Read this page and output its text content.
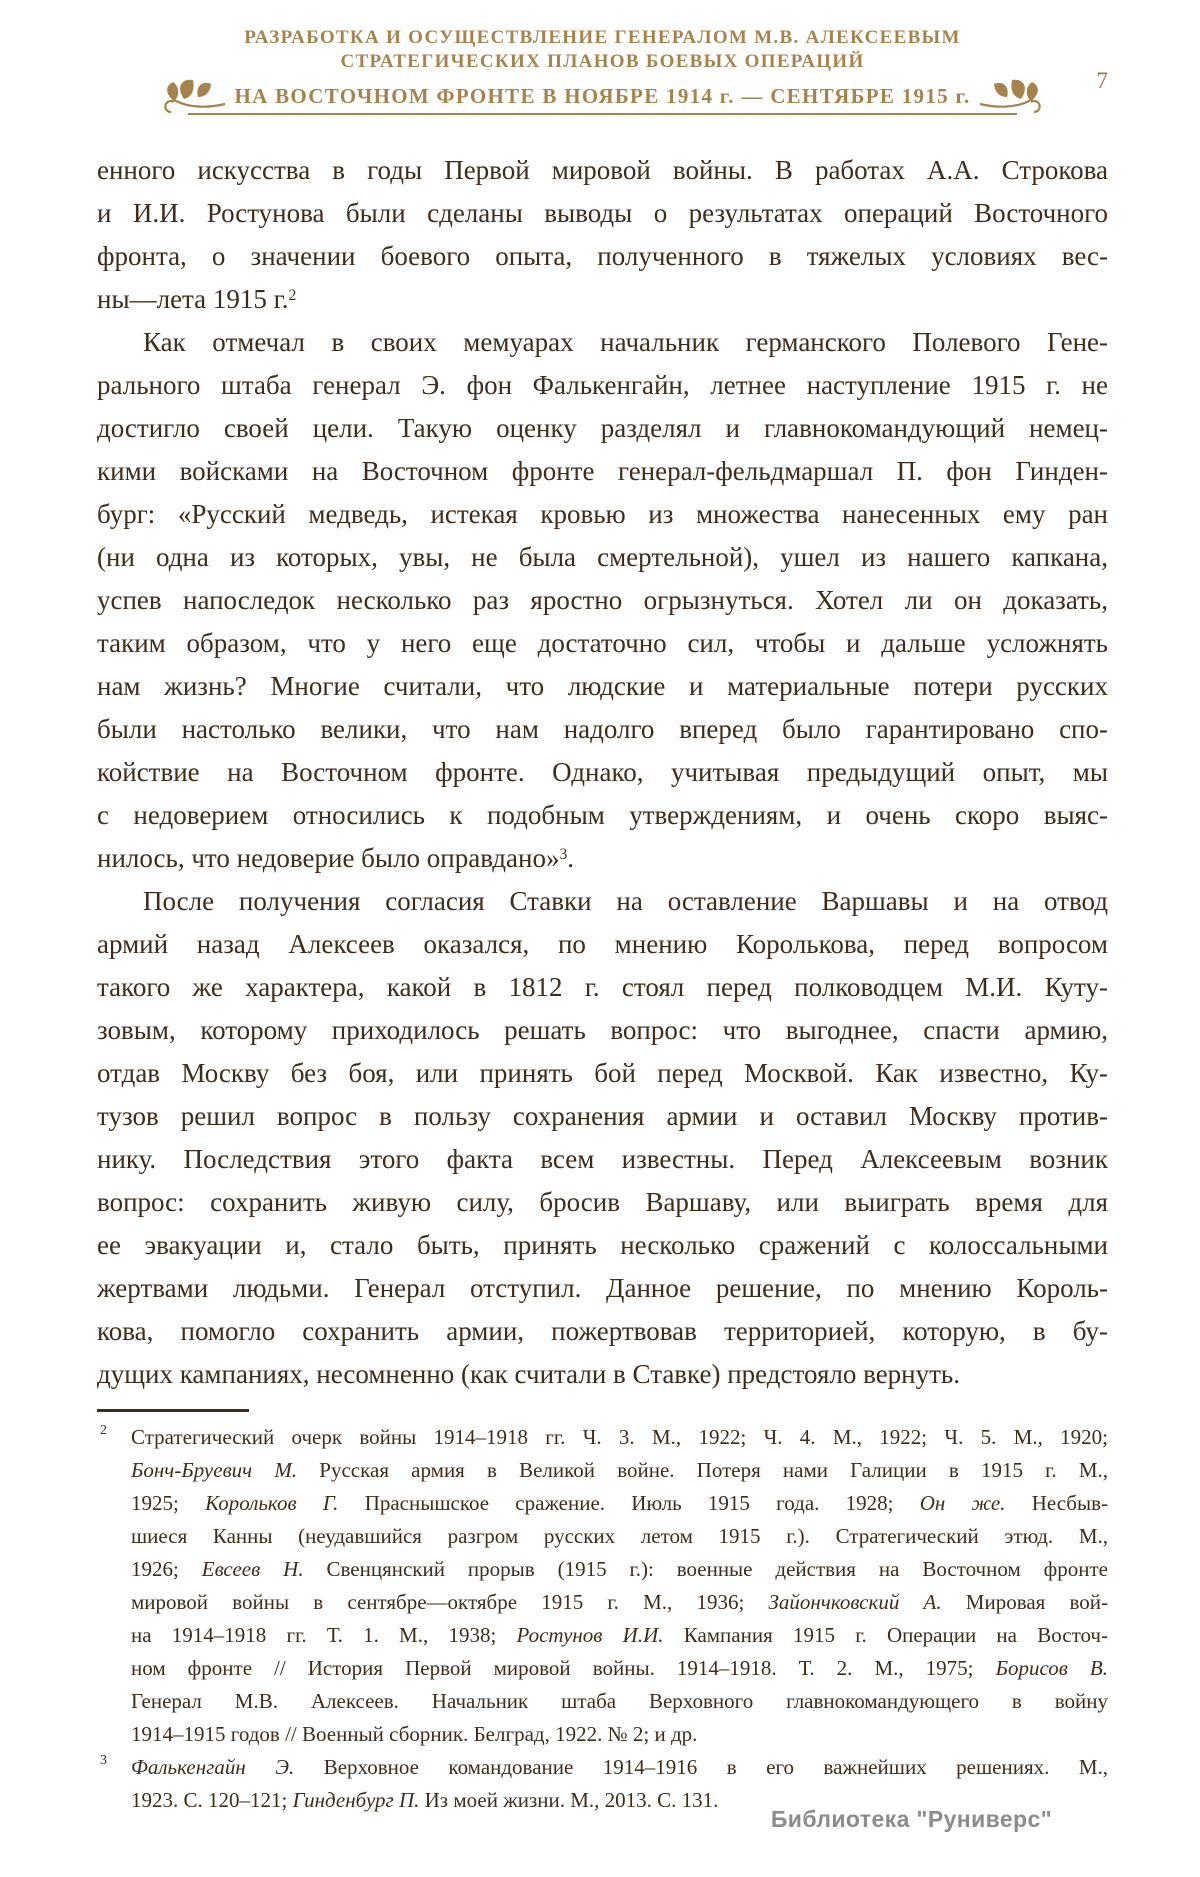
РАЗРАБОТКА И ОСУЩЕСТВЛЕНИЕ ГЕНЕРАЛОМ М.В. АЛЕКСЕЕВЫМ
СТРАТЕГИЧЕСКИХ ПЛАНОВ БОЕВЫХ ОПЕРАЦИЙ
НА ВОСТОЧНОМ ФРОНТЕ В НОЯБРЕ 1914 г. — СЕНТЯБРЕ 1915 г.
7
енного искусства в годы Первой мировой войны. В работах А.А. Строкова
и И.И. Ростунова были сделаны выводы о результатах операций Восточного
фронта, о значении боевого опыта, полученного в тяжелых условиях вес-
ны—лета 1915 г.$^2$
Как отмечал в своих мемуарах начальник германского Полевого Гене-
рального штаба генерал Э. фон Фалькенгайн, летнее наступление 1915 г. не
достигло своей цели. Такую оценку разделял и главнокомандующий немец-
кими войсками на Восточном фронте генерал-фельдмаршал П. фон Гинден-
бург: «Русский медведь, истекая кровью из множества нанесенных ему ран
(ни одна из которых, увы, не была смертельной), ушел из нашего капкана,
успев напоследок несколько раз яростно огрызнуться. Хотел ли он доказать,
таким образом, что у него еще достаточно сил, чтобы и дальше усложнять
нам жизнь? Многие считали, что людские и материальные потери русских
были настолько велики, что нам надолго вперед было гарантировано спо-
койствие на Восточном фронте. Однако, учитывая предыдущий опыт, мы
с недоверием относились к подобным утверждениям, и очень скоро выяс-
нилось, что недоверие было оправдано»$^3$.
После получения согласия Ставки на оставление Варшавы и на отвод
армий назад Алексеев оказался, по мнению Королькова, перед вопросом
такого же характера, какой в 1812 г. стоял перед полководцем М.И. Куту-
зовым, которому приходилось решать вопрос: что выгоднее, спасти армию,
отдав Москву без боя, или принять бой перед Москвой. Как известно, Ку-
тузов решил вопрос в пользу сохранения армии и оставил Москву против-
нику. Последствия этого факта всем известны. Перед Алексеевым возник
вопрос: сохранить живую силу, бросив Варшаву, или выиграть время для
ее эвакуации и, стало быть, принять несколько сражений с колоссальными
жертвами людьми. Генерал отступил. Данное решение, по мнению Король-
кова, помогло сохранить армии, пожертвовав территорией, которую, в бу-
дущих кампаниях, несомненно (как считали в Ставке) предстояло вернуть.
2 Стратегический очерк войны 1914–1918 гг. Ч. 3. М., 1922; Ч. 4. М., 1922; Ч. 5. М., 1920;
Бонч-Бруевич М. Русская армия в Великой войне. Потеря нами Галиции в 1915 г. М.,
1925; Корольков Г. Праснышское сражение. Июль 1915 года. 1928; Он же. Несбыв-
шиеся Канны (неудавшийся разгром русских летом 1915 г.). Стратегический этюд. М.,
1926; Евсеев Н. Свенцянский прорыв (1915 г.): военные действия на Восточном фронте
мировой войны в сентябре—октябре 1915 г. М., 1936; Зайончковский А. Мировая вой-
на 1914–1918 гг. Т. 1. М., 1938; Ростунов И.И. Кампания 1915 г. Операции на Восточ-
ном фронте // История Первой мировой войны. 1914–1918. Т. 2. М., 1975; Борисов В.
Генерал М.В. Алексеев. Начальник штаба Верховного главнокомандующего в войну
1914–1915 годов // Военный сборник. Белград, 1922. № 2; и др.
3 Фалькенгайн Э. Верховное командование 1914–1916 в его важнейших решениях. М.,
1923. С. 120–121; Гинденбург П. Из моей жизни. М., 2013. С. 131.
Библиотека "Руниверс"
